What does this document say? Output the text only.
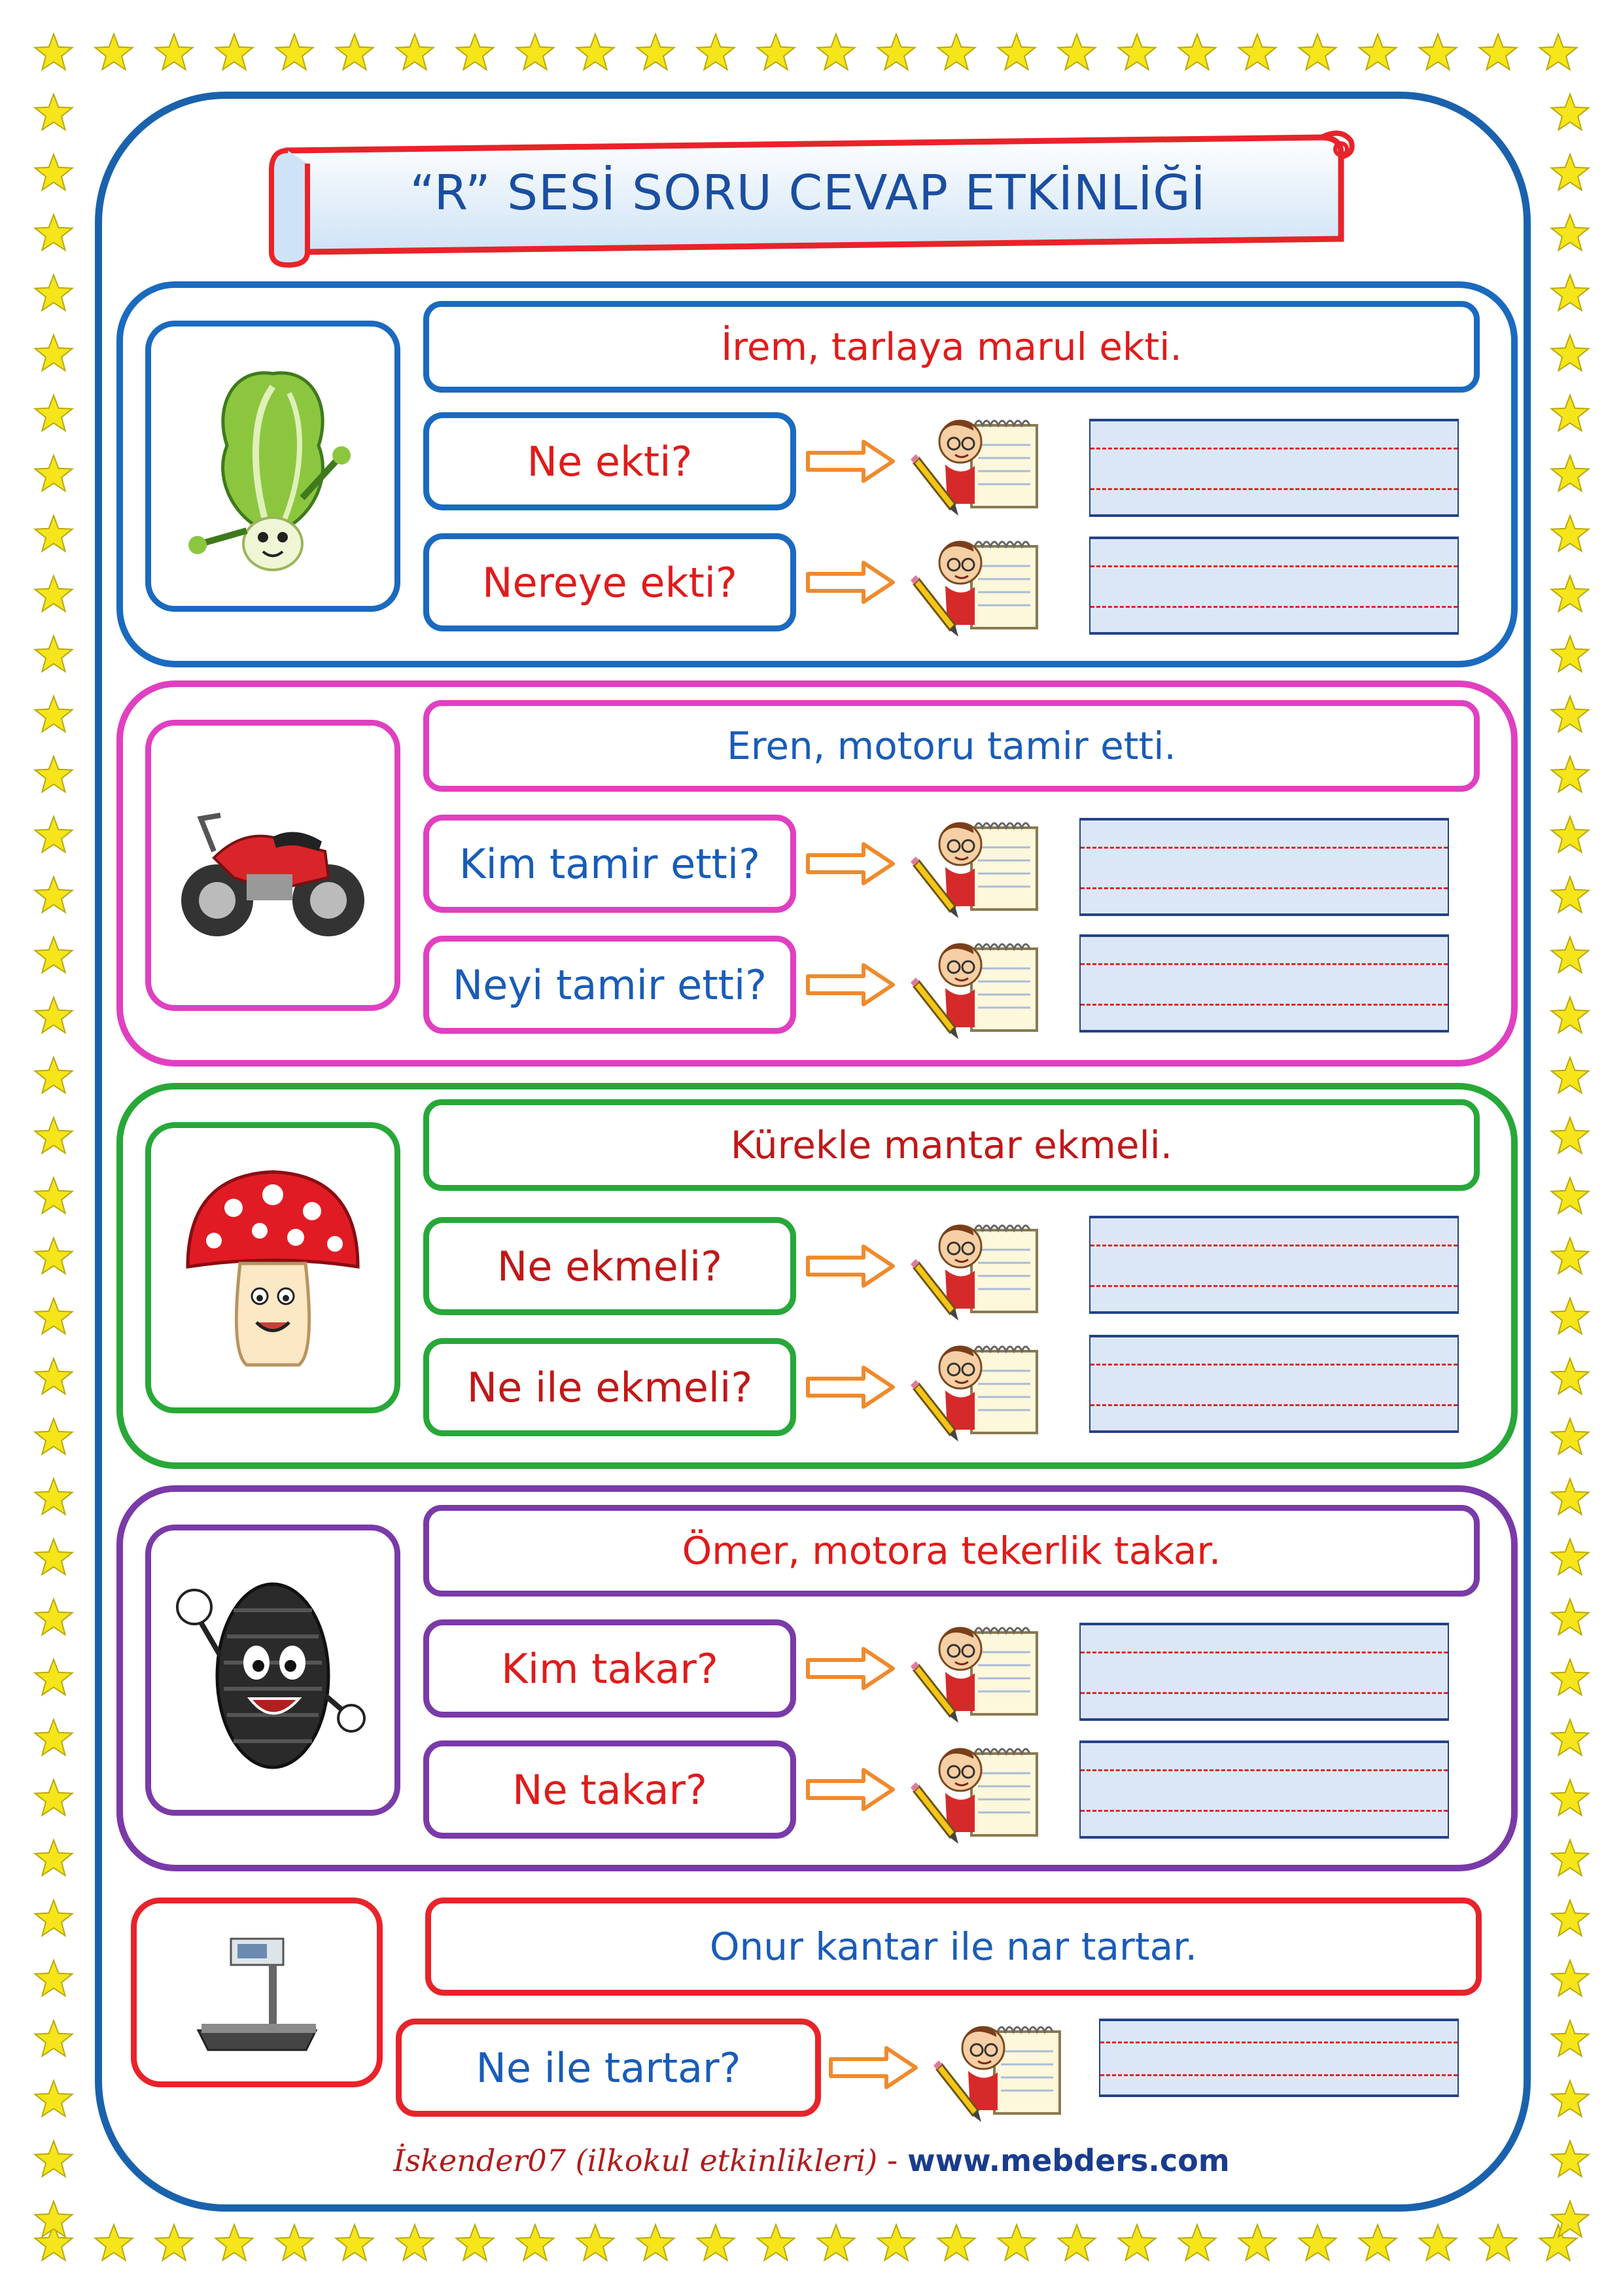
“R” SESİ SORU CEVAP ETKİNLİĞİ
İrem, tarlaya marul ekti.
Ne ekti?
Nereye ekti?
Eren, motoru tamir etti.
Kim tamir etti?
Neyi tamir etti?
Kürekle mantar ekmeli.
Ne ekmeli?
Ne ile ekmeli?
Ömer, motora tekerlik takar.
Kim takar?
Ne takar?
Onur kantar ile nar tartar.
Ne ile tartar?
İskender07 (ilkokul etkinlikleri) - www.mebders.com
